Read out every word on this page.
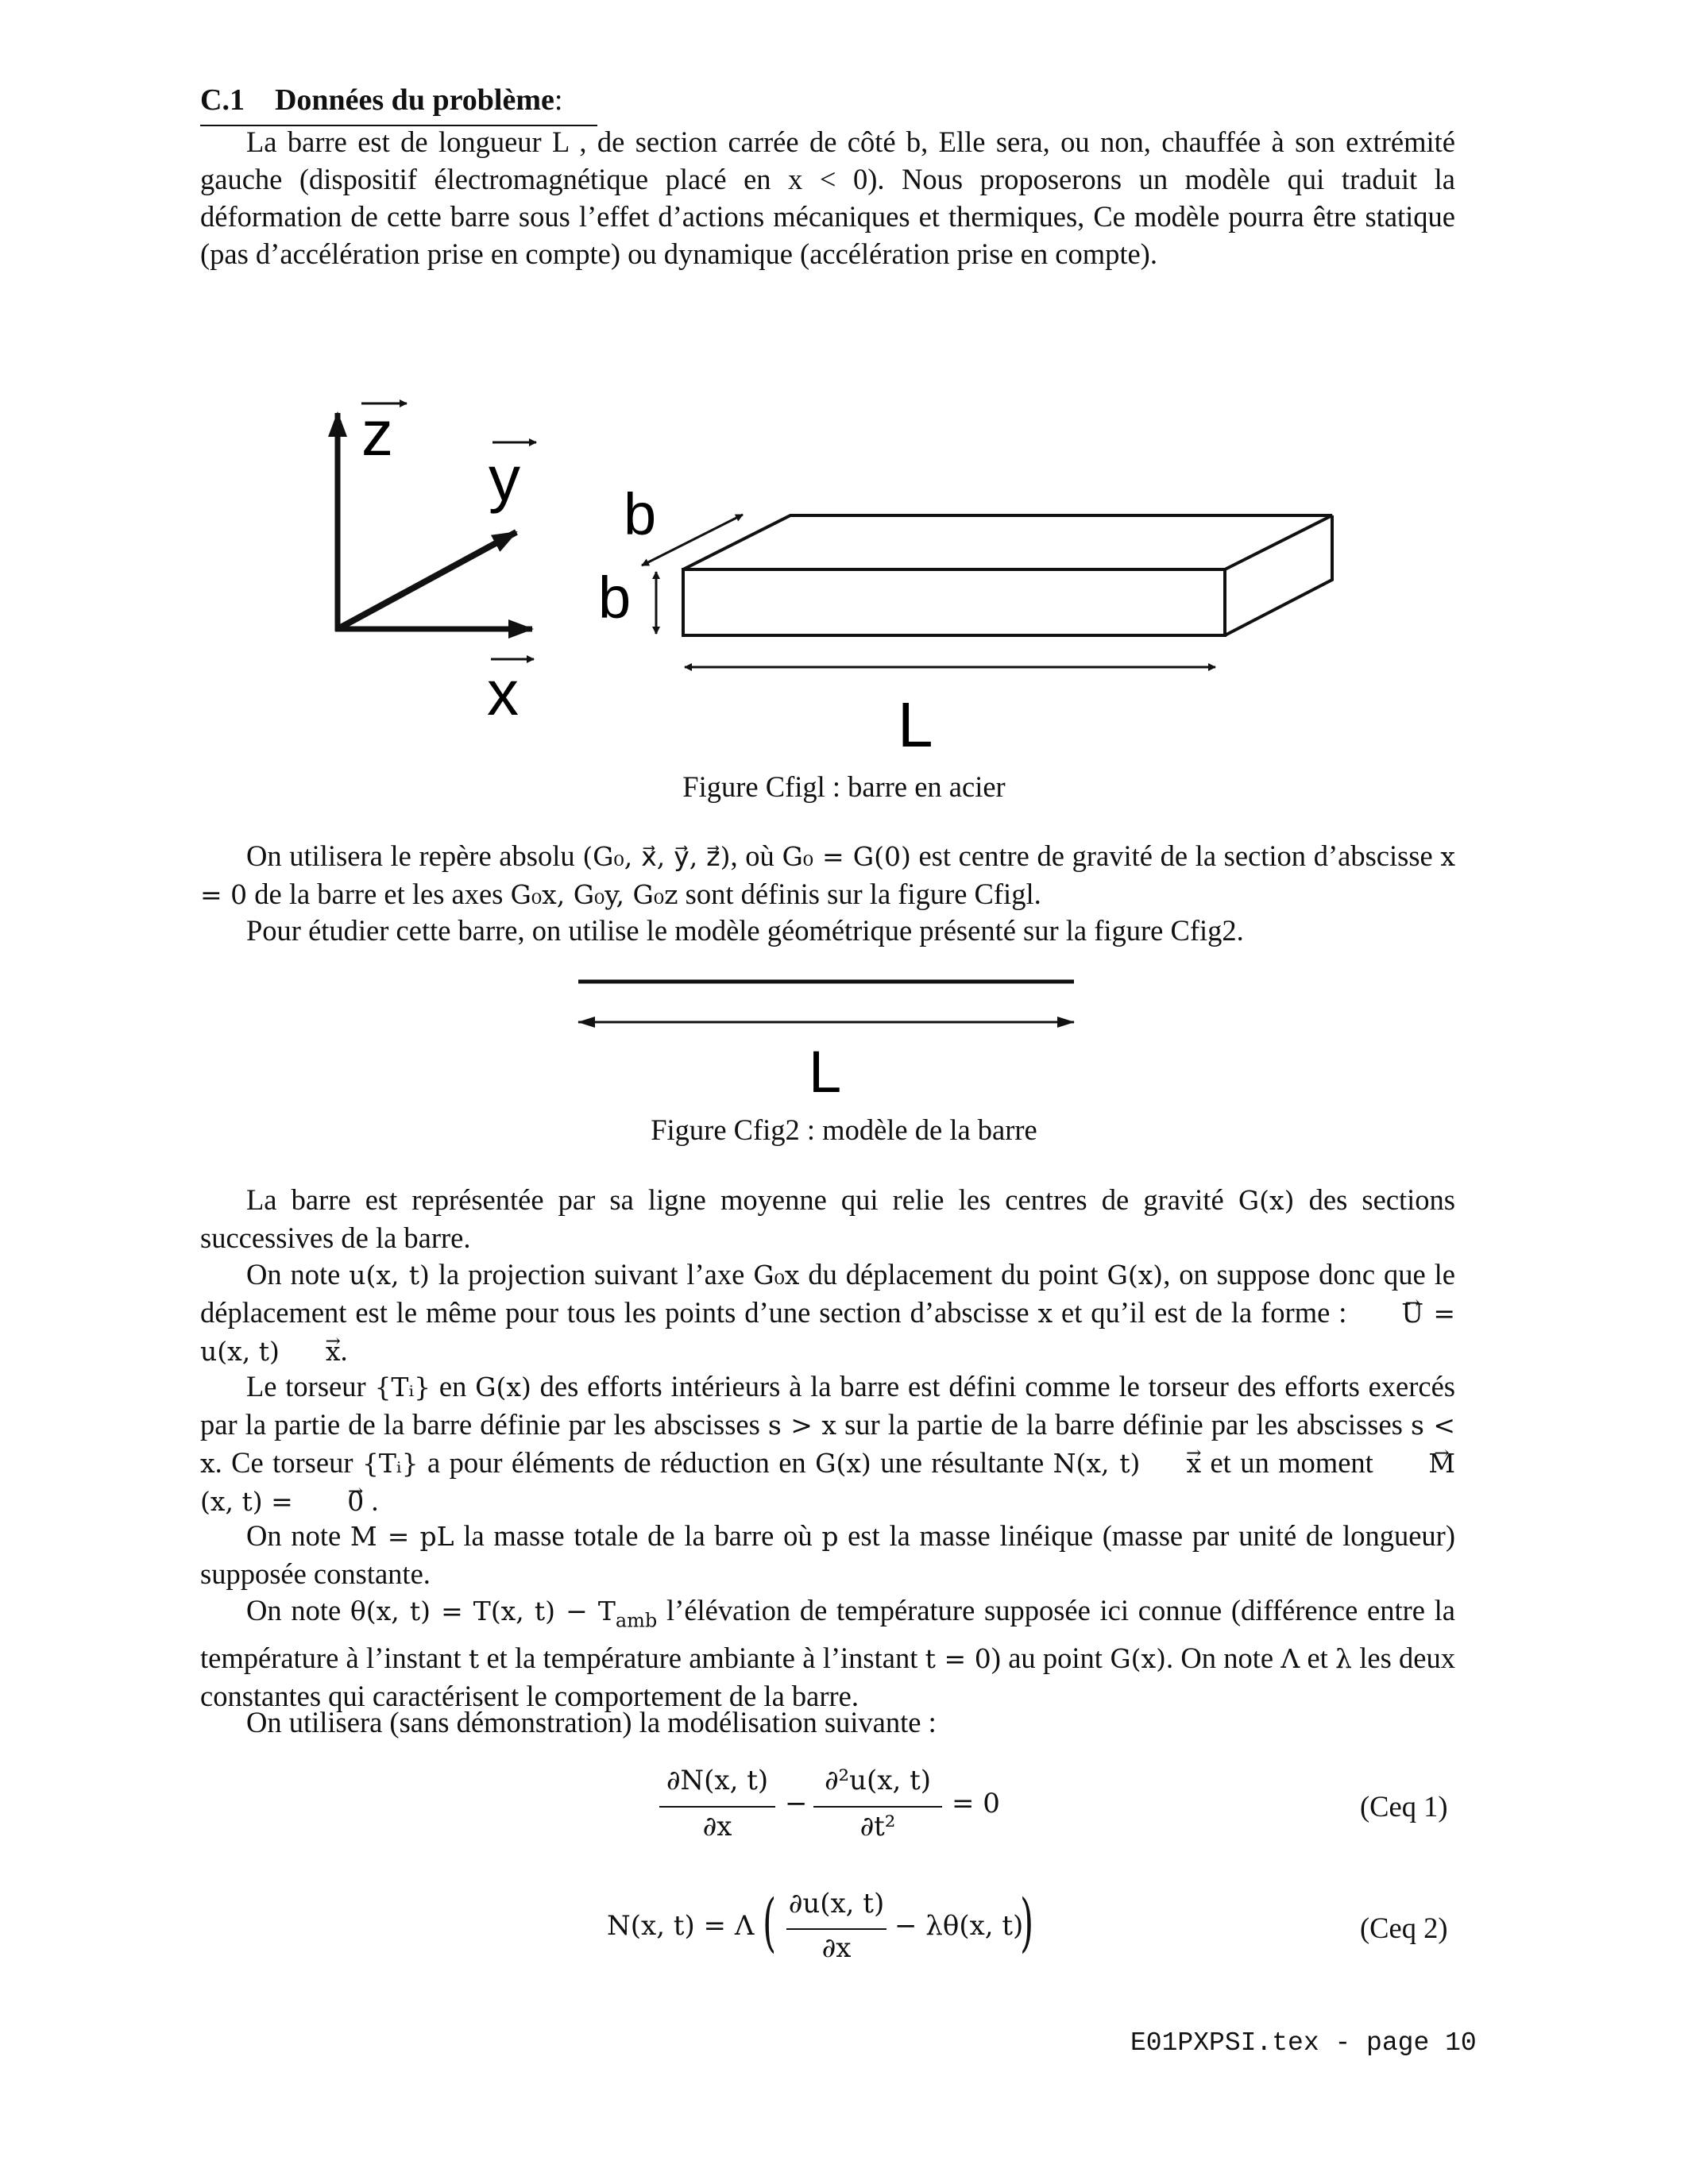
C.1 Données du problème:
La barre est de longueur L , de section carrée de côté b, Elle sera, ou non, chauffée à son extrémité gauche (dispositif électromagnétique placé en x < 0). Nous proposerons un modèle qui traduit la déformation de cette barre sous l’effet d’actions mécaniques et thermiques, Ce modèle pourra être statique (pas d’accélération prise en compte) ou dynamique (accélération prise en compte).
z
y
x
b
b
L
Figure Cfigl : barre en acier
On utilisera le repère absolu (G₀, x⃗, y⃗, z⃗), où G₀ = G(0) est centre de gravité de la section d’abscisse x = 0 de la barre et les axes G₀x, G₀y, G₀z sont définis sur la figure Cfigl.
Pour étudier cette barre, on utilise le modèle géométrique présenté sur la figure Cfig2.
L
Figure Cfig2 : modèle de la barre
La barre est représentée par sa ligne moyenne qui relie les centres de gravité G(x) des sections successives de la barre.
On note u(x, t) la projection suivant l’axe G₀x du déplacement du point G(x), on suppose donc que le déplacement est le même pour tous les points d’une section d’abscisse x et qu’il est de la forme : → U = u(x, t) → x.
Le torseur {Tᵢ} en G(x) des efforts intérieurs à la barre est défini comme le torseur des efforts exercés par la partie de la barre définie par les abscisses s > x sur la partie de la barre définie par les abscisses s < x. Ce torseur {Tᵢ} a pour éléments de réduction en G(x) une résultante N(x, t) → x et un moment → M(x, t) = → 0 .
On note M = pL la masse totale de la barre où p est la masse linéique (masse par unité de longueur) supposée constante.
On note θ(x, t) = T(x, $t) - T_{amb}$ l’élévation de température supposée ici connue (différence entre la température à l’instant t et la température ambiante à l’instant t = 0) au point G(x). On note Λ et λ les deux constantes qui caractérisent le comportement de la barre.
On utilisera (sans démonstration) la modélisation suivante :
∂N(x, t)
∂x
−
∂²u(x, t)
∂t²
= 0	(Ceq 1)
N(x, t) = Λ ( ∂u(x, t)
∂x
− λθ(x, t)
)	(Ceq 2)
E01PXPSI.tex - page 10
